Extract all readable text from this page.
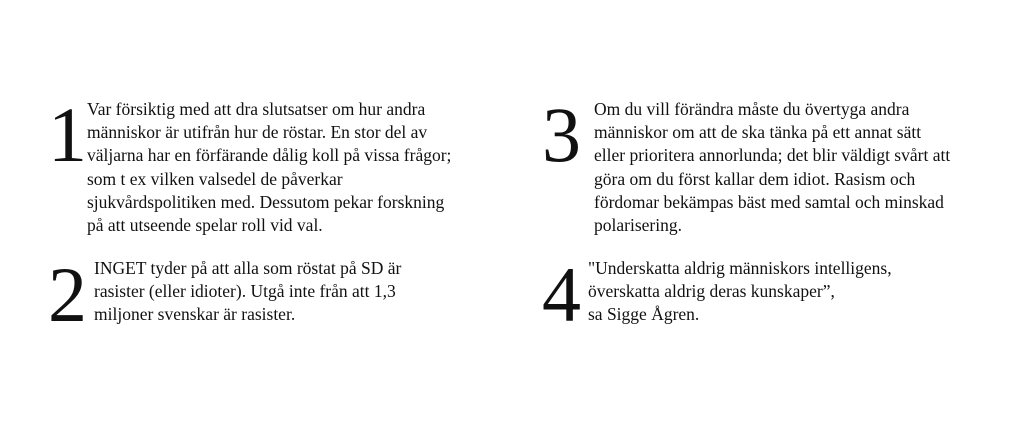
1 Var försiktig med att dra slutsatser om hur andra
människor är utifrån hur de röstar. En stor del av
väljarna har en förfärande dålig koll på vissa frågor;
som t ex vilken valsedel de påverkar
sjukvårdspolitiken med. Dessutom pekar forskning
på att utseende spelar roll vid val.

2 INGET tyder på att alla som röstat på SD är
rasister (eller idioter). Utgå inte från att 1,3
miljoner svenskar är rasister.

3 Om du vill förändra måste du övertyga andra
människor om att de ska tänka på ett annat sätt
eller prioritera annorlunda; det blir väldigt svårt att
göra om du först kallar dem idiot. Rasism och
fördomar bekämpas bäst med samtal och minskad
polarisering.

4 "Underskatta aldrig människors intelligens,
överskatta aldrig deras kunskaper”,
sa Sigge Ågren.
